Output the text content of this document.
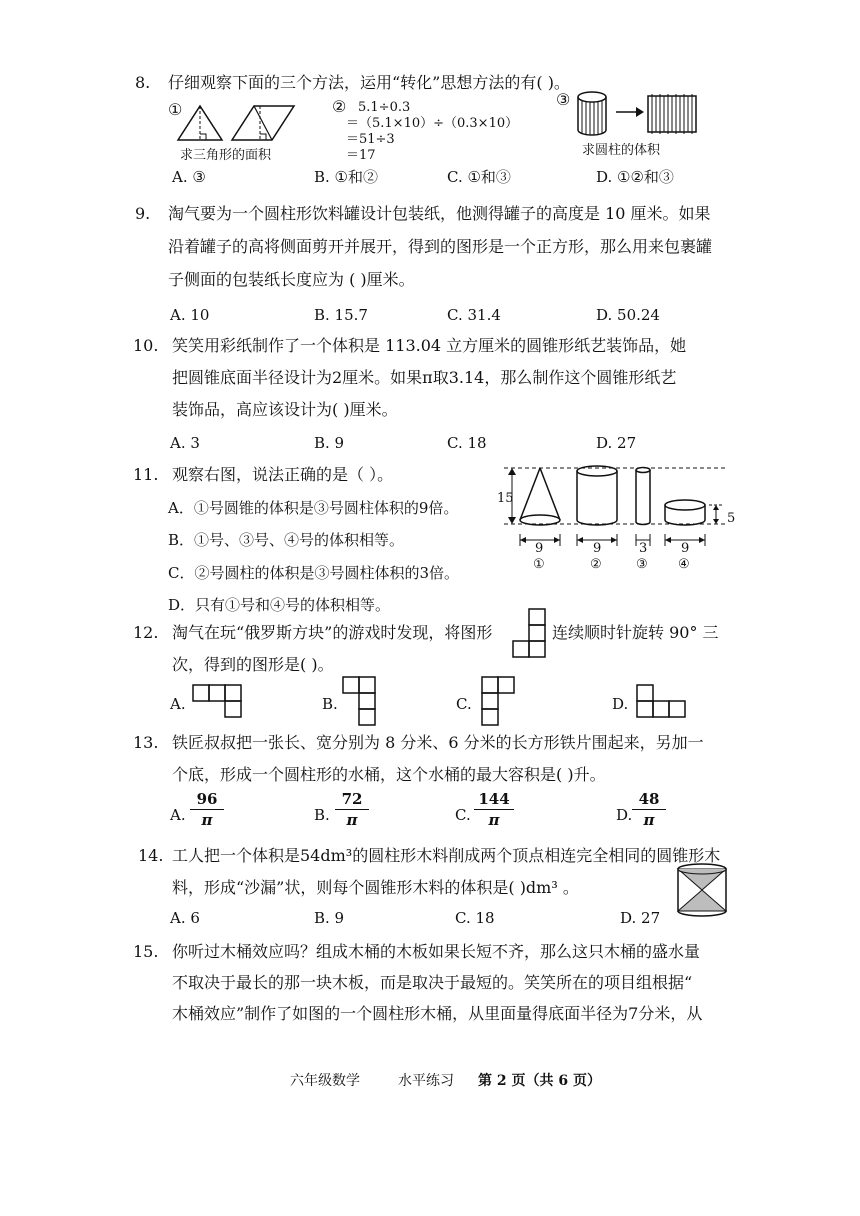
8. 仔细观察下面的三个方法，运用“转化”思想方法的有( )。
①
求三角形的面积
② 5.1÷0.3
＝（5.1×10）÷（0.3×10）
＝51÷3
＝17
③
求圆柱的体积
A. ③	B. ①和②	C. ①和③	D. ①②和③
9. 淘气要为一个圆柱形饮料罐设计包装纸，他测得罐子的高度是 10 厘米。如果
沿着罐子的高将侧面剪开并展开，得到的图形是一个正方形，那么用来包裹罐
子侧面的包装纸长度应为 ( )厘米。
A. 10	B. 15.7	C. 31.4	D. 50.24
10. 笑笑用彩纸制作了一个体积是 113.04 立方厘米的圆锥形纸艺装饰品，她
把圆锥底面半径设计为2厘米。如果π取3.14，那么制作这个圆锥形纸艺
装饰品，高应该设计为( )厘米。
A. 3	B. 9	C. 18	D. 27
11. 观察右图，说法正确的是（ ）。
A．①号圆锥的体积是③号圆柱体积的9倍。
B．①号、③号、④号的体积相等。
C．②号圆柱的体积是③号圆柱体积的3倍。
D．只有①号和④号的体积相等。
15
5
9	9	3	9
①	②	③ ④
12. 淘气在玩“俄罗斯方块”的游戏时发现，将图形	连续顺时针旋转 90° 三
次，得到的图形是( )。
A.	B.	C.	D.
13. 铁匠叔叔把一张长、宽分别为 8 分米、6 分米的长方形铁片围起来，另加一
个底，形成一个圆柱形的水桶，这个水桶的最大容积是( )升。
A. $\frac{96}{\pi}$	B. $\frac{72}{\pi}$	C. $\frac{144}{\pi}$	D. $\frac{48}{\pi}$
14. 工人把一个体积是54dm³的圆柱形木料削成两个顶点相连完全相同的圆锥形木
料，形成“沙漏”状，则每个圆锥形木料的体积是( )dm³ 。
A. 6	B. 9	C. 18	D. 27
15. 你听过木桶效应吗？组成木桶的木板如果长短不齐，那么这只木桶的盛水量
不取决于最长的那一块木板，而是取决于最短的。笑笑所在的项目组根据“
木桶效应”制作了如图的一个圆柱形木桶，从里面量得底面半径为7分米，从
六年级数学	水平练习 第 2 页（共 6 页）
